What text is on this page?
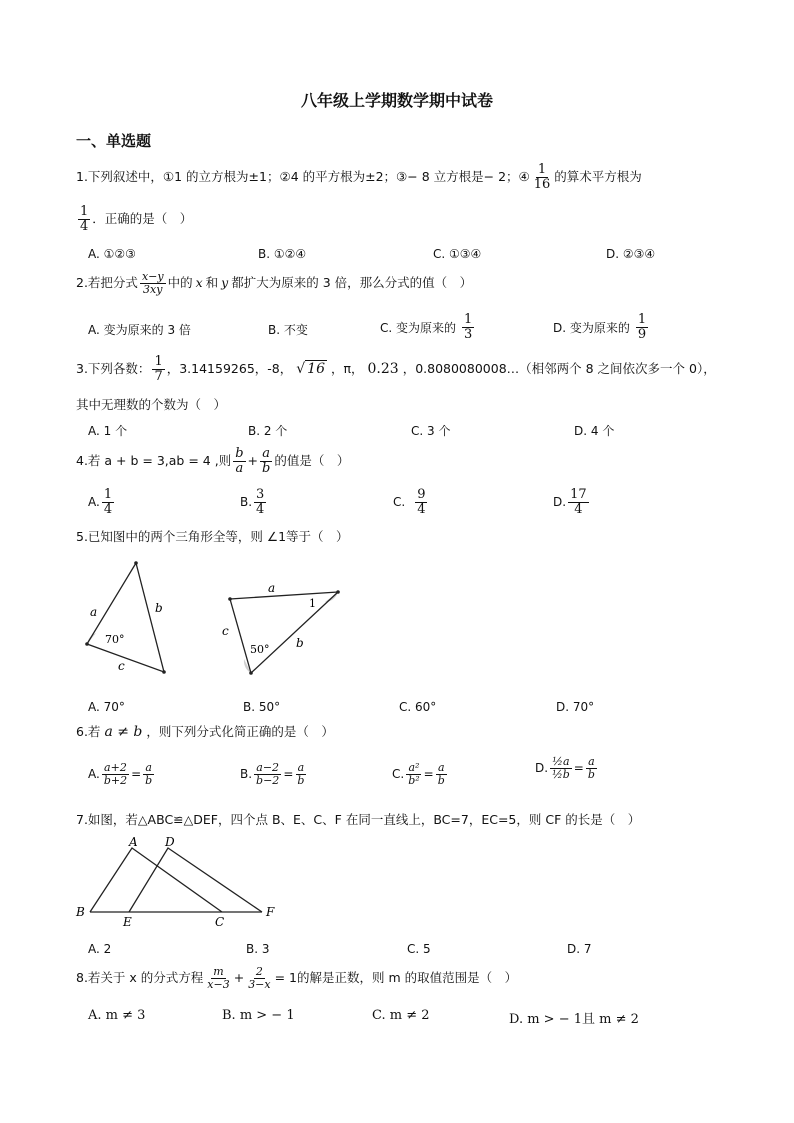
八年级上学期数学期中试卷
一、单选题
1.下列叙述中，①1 的立方根为±1；②4 的平方根为±2；③− 8 立方根是− 2；④ $\frac{1}{16}$ 的算术平方根为
$\frac{1}{4}$ ．正确的是（　）
A. ①②③	B. ①②④	C. ①③④	D. ②③④
2.若把分式 $\frac{x-y}{3xy}$ 中的 x 和 y 都扩大为原来的 3 倍，那么分式的值（　）
A. 变为原来的 3 倍	B. 不变	C. 变为原来的 $\frac{1}{3}$	D. 变为原来的 $\frac{1}{9}$
3.下列各数： $\frac{1}{7}$ ，3.14159265，-8， √ 16 ，π， 0.23 ，0.8080080008…（相邻两个 8 之间依次多一个 0），
其中无理数的个数为（　）
A. 1 个	B. 2 个	C. 3 个	D. 4 个
4.若 a + b = 3,ab = 4 ,则 $\frac{b}{a} + \frac{a}{b}$ 的值是（　）
A. $\frac{1}{4}$	B. $\frac{3}{4}$	C. $\frac{9}{4}$	D. $\frac{17}{4}$
5.已知图中的两个三角形全等，则 ∠1等于（　）
a	b
c
70°
a
c
b
50°
1
A. 70°	B. 50°	C. 60°	D. 70°
6.若 a ≠ b ，则下列分式化简正确的是（　）
A. $\frac{a+2}{b+2} = \frac{a}{b}$	B. $\frac{a-2}{b-2} = \frac{a}{b}$	C. $\frac{\text{a²}}{\text{b²}} = \frac{a}{b}$	D. $\frac{\text{½a}}{\text{½b}} = \frac{a}{b}$
7.如图，若△ABC≌△DEF，四个点 B、E、C、F 在同一直线上，BC=7，EC=5，则 CF 的长是（　）
A D
B
E	C
F
A. 2	B. 3	C. 5	D. 7
8.若关于 x 的分式方程 $\frac{m}{x-3} + \frac{2}{3-x} = 1$的解是正数，则 m 的取值范围是（　）
A. m ≠ 3	B. m > − 1	C. m ≠ 2	D. m > − 1且 m ≠ 2
